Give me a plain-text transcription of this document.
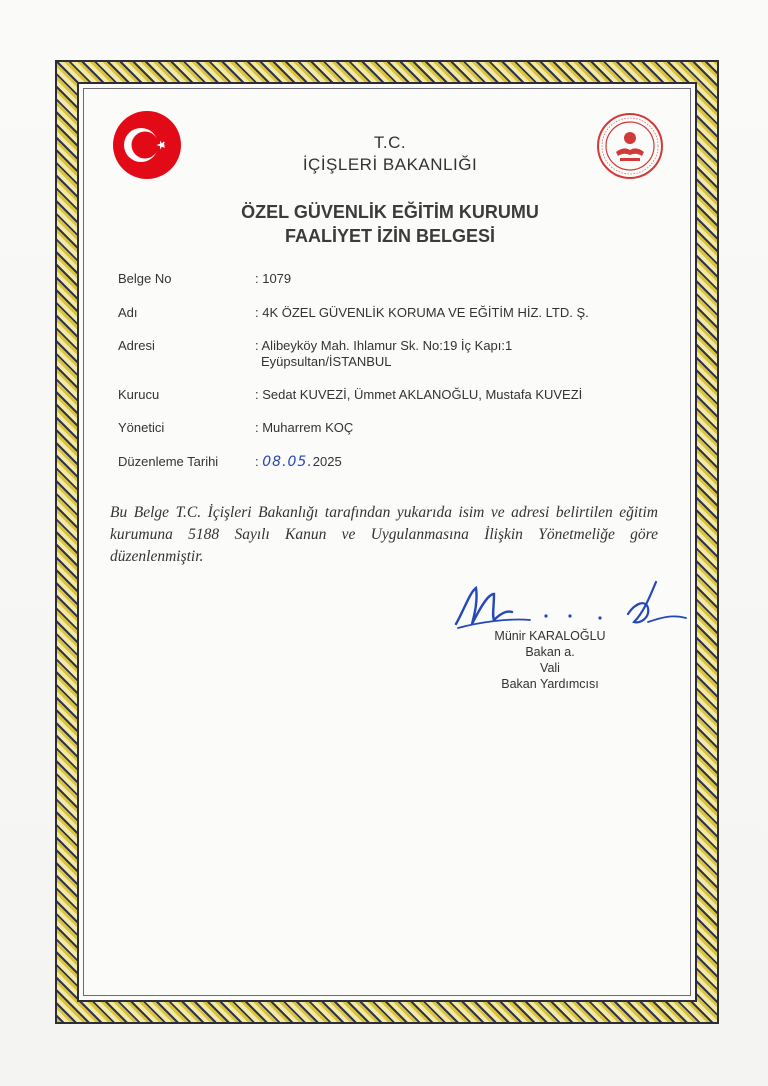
T.C.
İÇİŞLERİ BAKANLIĞI
ÖZEL GÜVENLİK EĞİTİM KURUMU
FAALİYET İZİN BELGESİ
Belge No	: 1079
Adı	: 4K ÖZEL GÜVENLİK KORUMA VE EĞİTİM HİZ. LTD. Ş.
Adresi	: Alibeyköy Mah. Ihlamur Sk. No:19 İç Kapı:1
Eyüpsultan/İSTANBUL
Kurucu	: Sedat KUVEZİ, Ümmet AKLANOĞLU, Mustafa KUVEZİ
Yönetici	: Muharrem KOÇ
Düzenleme Tarihi	: 08.05.2025
Bu Belge T.C. İçişleri Bakanlığı tarafından yukarıda isim ve adresi belirtilen eğitim kurumuna 5188 Sayılı Kanun ve Uygulanmasına İlişkin Yönetmeliğe göre düzenlenmiştir.
Münir KARALOĞLU
Bakan a.
Vali
Bakan Yardımcısı
